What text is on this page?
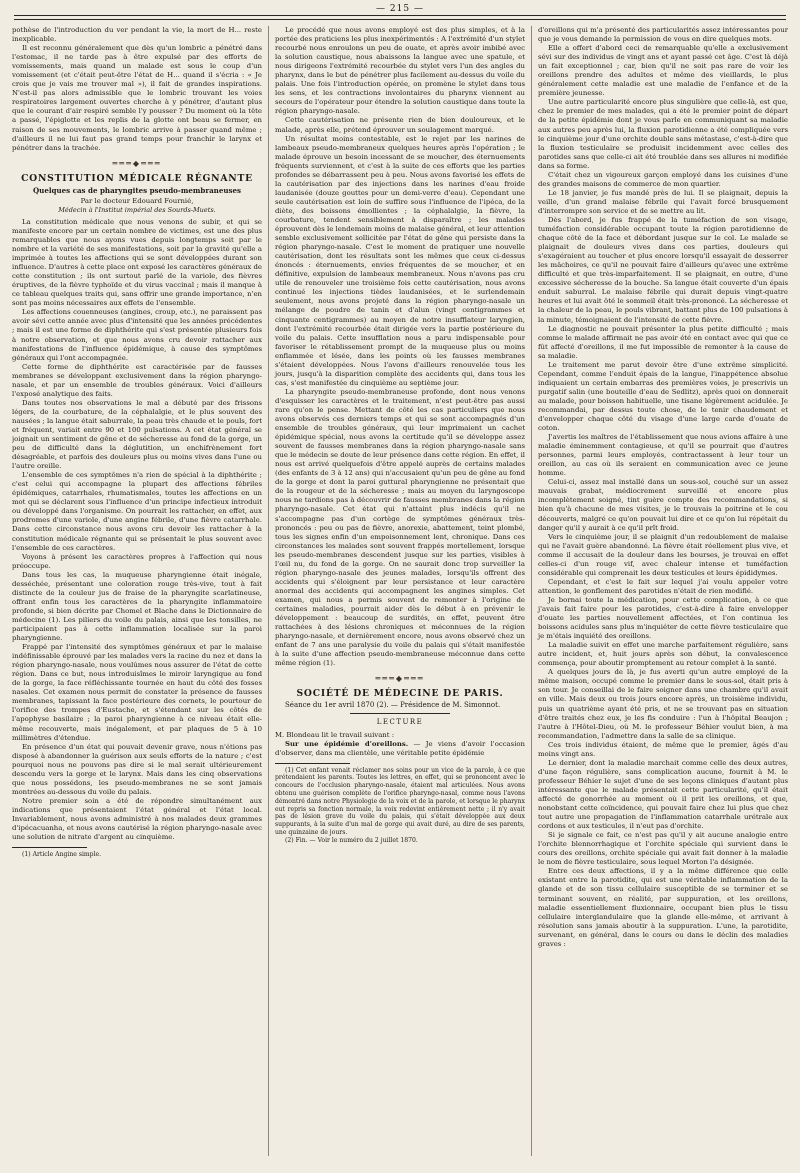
— 215 —

pothèse de l'introduction du ver pendant la vie, la mort de H... reste inexplicable.

Il est reconnu généralement que dès qu'un lombric a pénétré dans l'estomac, il ne tarde pas à être expulsé par des efforts de vomissements, mais quand un malade est sous le coup d'un vomissement (et c'était peut-être l'état de H... quand il s'écria : « Je crois que je vais me trouver mal »), il fait de grandes inspirations. N'est-il pas alors admissible que le lombric trouvant les voies respiratoires largement ouvertes cherche à y pénétrer, d'autant plus que le courant d'air respiré semble l'y pousser ? Du moment où la tête a passé, l'épiglotte et les replis de la glotte ont beau se fermer, en raison de ses mouvements, le lombric arrive à passer quand même ; d'ailleurs il ne lui faut pas grand temps pour franchir le larynx et pénétrer dans la trachée.

═══◆═══
CONSTITUTION MÉDICALE RÉGNANTE
Quelques cas de pharyngites pseudo-membraneuses
Par le docteur Edouard Fournié,
Médecin à l'Institut impérial des Sourds-Muets.

La constitution médicale que nous venons de subir, et qui se manifeste encore par un certain nombre de victimes, est une des plus remarquables que nous ayons vues depuis longtemps soit par le nombre et la variété de ses manifestations, soit par la gravité qu'elle a imprimée à toutes les affections qui se sont développées durant son influence. D'autres à cette place ont exposé les caractères généraux de cette constitution ; ils ont surtout parlé de la variole, des fièvres éruptives, de la fièvre typhoïde et du virus vaccinal ; mais il manque à ce tableau quelques traits qui, sans offrir une grande importance, n'en sont pas moins nécessaires aux effets de l'ensemble.

Les affections couenneuses (angines, croup, etc.), ne paraissent pas avoir sévi cette année avec plus d'intensité que les années précédentes ; mais il est une forme de diphthérite qui s'est présentée plusieurs fois à notre observation, et que nous avons cru devoir rattacher aux manifestations de l'influence épidémique, à cause des symptômes généraux qui l'ont accompagnée.

Cette forme de diphthérite est caractérisée par de fausses membranes se développant exclusivement dans la région pharyngo-nasale, et par un ensemble de troubles généraux. Voici d'ailleurs l'exposé analytique des faits.

Dans toutes nos observations le mal a débuté par des frissons légers, de la courbature, de la céphalalgie, et le plus souvent des nausées ; la langue était saburrale, la peau très chaude et le pouls, fort et fréquent, variait entre 90 et 100 pulsations. A cet état général se joignait un sentiment de gêne et de sécheresse au fond de la gorge, un peu de difficulté dans la déglutition, un enchifrènement fort désagréable, et parfois des douleurs plus ou moins vives dans l'une ou l'autre oreille.

L'ensemble de ces symptômes n'a rien de spécial à la diphthérite ; c'est celui qui accompagne la plupart des affections fébriles épidémiques, catarrhales, rhumatismales, toutes les affections en un mot qui se déclarent sous l'influence d'un principe infectieux introduit ou développé dans l'organisme. On pourrait les rattacher, en effet, aux prodromes d'une variole, d'une angine fébrile, d'une fièvre catarrhale. Dans cette circonstance nous avons cru devoir les rattacher à la constitution médicale régnante qui se présentait le plus souvent avec l'ensemble de ces caractères.

Voyons à présent les caractères propres à l'affection qui nous préoccupe.

Dans tous les cas, la muqueuse pharyngienne était inégale, desséchée, présentant une coloration rouge très-vive, tout à fait distincte de la couleur jus de fraise de la pharyngite scarlatineuse, offrant enfin tous les caractères de la pharyngite inflammatoire profonde, si bien décrite par Chomel et Blache dans le Dictionnaire de médecine (1). Les piliers du voile du palais, ainsi que les tonsilles, ne participaient pas à cette inflammation localisée sur la paroi pharyngienne.

Frappé par l'intensité des symptômes généraux et par le malaise indéfinissable éprouvé par les malades vers la racine du nez et dans la région pharyngo-nasale, nous voulûmes nous assurer de l'état de cette région. Dans ce but, nous introduisîmes le miroir laryngique au fond de la gorge, la face réfléchissante tournée en haut du côté des fosses nasales. Cet examen nous permit de constater la présence de fausses membranes, tapissant la face postérieure des cornets, le pourtour de l'orifice des trompes d'Eustache, et s'étendant sur les côtés de l'apophyse basilaire ; la paroi pharyngienne à ce niveau était elle-même recouverte, mais inégalement, et par plaques de 5 à 10 millimètres d'étendue.

En présence d'un état qui pouvait devenir grave, nous n'étions pas disposé à abandonner la guérison aux seuls efforts de la nature ; c'est pourquoi nous ne pouvons pas dire si le mal serait ultérieurement descendu vers la gorge et le larynx. Mais dans les cinq observations que nous possédons, les pseudo-membranes ne se sont jamais montrées au-dessous du voile du palais.

Notre premier soin a été de répondre simultanément aux indications que présentaient l'état général et l'état local. Invariablement, nous avons administré à nos malades deux grammes d'ipécacuanha, et nous avons cautérisé la région pharyngo-nasale avec une solution de nitrate d'argent au cinquième.

(1) Article Angine simple.

Le procédé que nous avons employé est des plus simples, et à la portée des praticiens les plus inexpérimentés : A l'extrémité d'un stylet recourbé nous enroulons un peu de ouate, et après avoir imbibé avec la solution caustique, nous abaissons la langue avec une spatule, et nous dirigeons l'extrémité recourbée du stylet vers l'un des angles du pharynx, dans le but de pénétrer plus facilement au-dessus du voile du palais. Une fois l'introduction opérée, on promène le stylet dans tous les sens, et les contractions involontaires du pharynx viennent au secours de l'opérateur pour étendre la solution caustique dans toute la région pharyngo-nasale.

Cette cautérisation ne présente rien de bien douloureux, et le malade, après elle, prétend éprouver un soulagement marqué.

Un résultat moins contestable, est le rejet par les narines de lambeaux pseudo-membraneux quelques heures après l'opération ; le malade éprouve un besoin incessant de se moucher, des éternuements fréquents surviennent, et c'est à la suite de ces efforts que les parties profondes se débarrassent peu à peu. Nous avons favorisé les effets de la cautérisation par des injections dans les narines d'eau froide laudanisée (douze gouttes pour un demi-verre d'eau). Cependant une seule cautérisation est loin de suffire sous l'influence de l'ipéca, de la diète, des boissons émollientes ; la céphalalgie, la fièvre, la courbature, tendent sensiblement à disparaître ; les malades éprouvent dès le lendemain moins de malaise général, et leur attention semble exclusivement sollicitée par l'état de gêne qui persiste dans la région pharyngo-nasale. C'est le moment de pratiquer une nouvelle cautérisation, dont les résultats sont les mêmes que ceux ci-dessus énoncés : éternuements, envies fréquentes de se moucher, et en définitive, expulsion de lambeaux membraneux. Nous n'avons pas cru utile de renouveler une troisième fois cette cautérisation, nous avons continué les injections tièdes laudanisées, et le surlendemain seulement, nous avons projeté dans la région pharyngo-nasale un mélange de poudre de tanin et d'alun (vingt centigrammes et cinquante centigrammes) au moyen de notre insufflateur laryngien, dont l'extrémité recourbée était dirigée vers la partie postérieure du voile du palais. Cette insufflation nous a paru indispensable pour favoriser le rétablissement prompt de la muqueuse plus ou moins enflammée et lésée, dans les points où les fausses membranes s'étaient développées. Nous l'avons d'ailleurs renouvelée tous les jours, jusqu'à la disparition complète des accidents qui, dans tous les cas, s'est manifestée du cinquième au septième jour.

La pharyngite pseudo-membraneuse profonde, dont nous venons d'esquisser les caractères et le traitement, n'est peut-être pas aussi rare qu'on le pense. Mettant de côté les cas particuliers que nous avons observés ces derniers temps et qui se sont accompagnés d'un ensemble de troubles généraux, qui leur imprimaient un cachet épidémique spécial, nous avons la certitude qu'il se développe assez souvent de fausses membranes dans la région pharyngo-nasale sans que le médecin se doute de leur présence dans cette région. En effet, il nous est arrivé quelquefois d'être appelé auprès de certains malades (des enfants de 3 à 12 ans) qui n'accusaient qu'un peu de gêne au fond de la gorge et dont la paroi guttural pharyngienne ne présentait que de la rougeur et de la sécheresse ; mais au moyen du laryngoscope nous ne tardions pas à découvrir de fausses membranes dans la région pharyngo-nasale. Cet état qui n'attaint plus indécis qu'il ne s'accompagne pas d'un cortège de symptômes généraux très-prononcés : peu ou pas de fièvre, anorexie, abattement, teint plombé, tous les signes enfin d'un empoisonnement lent, chronique. Dans ces circonstances les malades sont souvent frappés mortellement, lorsque les pseudo-membranes descendent jusque sur les parties, visibles à l'œil nu, du fond de la gorge. On ne saurait donc trop surveiller la région pharyngo-nasale des jeunes malades, lorsqu'ils offrent des accidents qui s'éloignent par leur persistance et leur caractère anormal des accidents qui accompagnent les angines simples. Cet examen, qui nous a permis souvent de remonter à l'origine de certaines maladies, pourrait aider dès le début à en prévenir le développement : beaucoup de surdités, en effet, peuvent être rattachées à des lésions chroniques et méconnues de la région pharyngo-nasale, et dernièrement encore, nous avons observé chez un enfant de 7 ans une paralysie du voile du palais qui s'était manifestée à la suite d'une affection pseudo-membraneuse méconnue dans cette même région (1).

═══◆═══
SOCIÉTÉ DE MÉDECINE DE PARIS.

Séance du 1er avril 1870 (2). — Présidence de M. Simonnot.

LECTURE

M. Blondeau lit le travail suivant :

Sur une épidémie d'oreillons. — Je viens d'avoir l'occasion d'observer, dans ma clientèle, une véritable petite épidémie

(1) Cet enfant venait réclamer nos soins pour un vice de la parole, à ce que prétendaient les parents. Toutes les lettres, en effet, qui se prononcent avec le concours de l'occlusion pharyngo-nasale, étaient mal articulées. Nous avons obtenu une guérison complète de l'orifice pharyngo-nasal, comme nous l'avons démontré dans notre Physiologie de la voix et de la parole, et lorsque le pharynx eut repris sa fonction normale, la voix redevint entièrement nette ; il n'y avait pas de lésion grave du voile du palais, qui s'était développée aux deux suppurants, à la suite d'un mal de gorge qui avait duré, au dire de ses parents, une quinzaine de jours.

(2) Fin. — Voir le numéro du 2 juillet 1870.

d'oreillons qui m'a présenté des particularités assez intéressantes pour que je vous demande la permission de vous en dire quelques mots.

Elle a offert d'abord ceci de remarquable qu'elle a exclusivement sévi sur des individus de vingt ans et ayant passé cet âge. C'est là déjà un fait exceptionnel ; car, bien qu'il ne soit pas rare de voir les oreillons prendre des adultes et même des vieillards, le plus généralement cette maladie est une maladie de l'enfance et de la première jeunesse.

Une autre particularité encore plus singulière que celle-là, est que, chez le premier de mes malades, qui a été le premier point de départ de la petite épidémie dont je vous parle en communiquant sa maladie aux autres peu après lui, la fluxion parotidienne a été compliquée vers le cinquième jour d'une orchite double sans métastase, c'est-à-dire que la fluxion testiculaire se produisit incidemment avec celles des parotides sans que celle-ci ait été troublée dans ses allures ni modifiée dans sa forme.

C'était chez un vigoureux garçon employé dans les cuisines d'une des grandes maisons de commerce de mon quartier.

Le 18 janvier, je fus mandé près de lui. Il se plaignait, depuis la veille, d'un grand malaise fébrile qui l'avait forcé brusquement d'interrompre son service et de se mettre au lit.

Dès l'abord, je fus frappé de la tuméfaction de son visage, tuméfaction considérable occupant toute la région parotidienne de chaque côté de la face et débordant jusque sur le col. Le malade se plaignait de douleurs vives dans ces parties, douleurs qui s'exagéraient au toucher et plus encore lorsqu'il essayait de desserrer les mâchoires, ce qu'il ne pouvait faire d'ailleurs qu'avec une extrême difficulté et que très-imparfaitement. Il se plaignait, en outre, d'une excessive sécheresse de la bouche. Sa langue était couverte d'un épais enduit saburral. Le malaise fébrile qui durait depuis vingt-quatre heures et lui avait ôté le sommeil était très-prononcé. La sécheresse et la chaleur de la peau, le pouls vibrant, battant plus de 100 pulsations à la minute, témoignaient de l'intensité de cette fièvre.

Le diagnostic ne pouvait présenter la plus petite difficulté ; mais comme le malade affirmait ne pas avoir été en contact avec qui que ce fût affecté d'oreillons, il me fut impossible de remonter à la cause de sa maladie.

Le traitement me parut devoir être d'une extrême simplicité. Cependant, comme l'enduit épais de la langue, l'inappétence absolue indiquaient un certain embarras des premières voies, je prescrivis un purgatif salin (une bouteille d'eau de Sedlitz), après quoi on donnerait au malade, pour boisson habituelle, une tisane légèrement acidulée. Je recommandai, par dessus toute chose, de le tenir chaudement et d'envelopper chaque côté du visage d'une large carde d'ouate de coton.

J'avertis les maîtres de l'établissement que nous avions affaire à une maladie éminemment contagieuse, et qu'il se pourrait que d'autres personnes, parmi leurs employés, contractassent à leur tour un oreillon, au cas où ils seraient en communication avec ce jeune homme.

Celui-ci, assez mal installé dans un sous-sol, couché sur un assez mauvais grabat, médiocrement surveillé et encore plus incomplètement soigné, tint guère compte des recommandations, si bien qu'à chacune de mes visites, je le trouvais la poitrine et le cou découverts, malgré ce qu'on pouvait lui dire et ce qu'on lui répétait du danger qu'il y aurait à ce qu'il prît froid.

Vers le cinquième jour, il se plaignit d'un redoublement de malaise qui ne l'avait guère abandonné. La fièvre était réellement plus vive, et comme il accusait de la douleur dans les bourses, je trouvai en effet celles-ci d'un rouge vif, avec chaleur intense et tuméfaction considérable qui comprenait les deux testicules et leurs épididymes.

Cependant, et c'est le fait sur lequel j'ai voulu appeler votre attention, le gonflement des parotides n'était de rien modifié.

Je bornai toute la médication, pour cette complication, à ce que j'avais fait faire pour les parotides, c'est-à-dire à faire envelopper d'ouate les parties nouvellement affectées, et l'on continua les boissons acidules sans plus m'inquiéter de cette fièvre testiculaire que je m'étais inquiété des oreillons.

La maladie suivit en effet une marche parfaitement régulière, sans autre incident, et, huit jours après son début, la convalescence commença, pour aboutir promptement au retour complet à la santé.

A quelques jours de là, je fus averti qu'un autre employé de la même maison, occupé comme le premier dans le sous-sol, était pris à son tour. Je conseillai de le faire soigner dans une chambre qu'il avait en ville. Mais deux ou trois jours encore après, un troisième individu, puis un quatrième ayant été pris, et ne se trouvant pas en situation d'être traités chez eux, je les fis conduire : l'un à l'hôpital Beaujon ; l'autre à l'Hôtel-Dieu, où M. le professeur Béhier voulut bien, à ma recommandation, l'admettre dans la salle de sa clinique.

Ces trois individus étaient, de même que le premier, âgés d'au moins vingt ans.

Le dernier, dont la maladie marchait comme celle des deux autres, d'une façon régulière, sans complication aucune, fournit à M. le professeur Béhier le sujet d'une de ses leçons cliniques d'autant plus intéressante que le malade présentait cette particularité, qu'il était affecté de gonorrhée au moment où il prit les oreillons, et que, nonobstant cette coïncidence, qui pouvait faire chez lui plus que chez tout autre une propagation de l'inflammation catarrhale urétrale aux cordons et aux testicules, il n'eut pas d'orchite.

Si je signale ce fait, ce n'est pas qu'il y ait aucune analogie entre l'orchite blennorrhagique et l'orchite spéciale qui survient dans le cours des oreillons, orchite spéciale qui avait fait donner à la maladie le nom de fièvre testiculaire, sous lequel Morton l'a désignée.

Entre ces deux affections, il y a la même différence que celle existant entre la parotidite, qui est une véritable inflammation de la glande et de son tissu cellulaire susceptible de se terminer et se terminant souvent, en réalité, par suppuration, et les oreillons, maladie essentiellement fluxionnaire, occupant bien plus le tissu cellulaire interglandulaire que la glande elle-même, et arrivant à résolution sans jamais aboutir à la suppuration. L'une, la parotidite, survenant, en général, dans le cours ou dans le déclin des maladies graves :
